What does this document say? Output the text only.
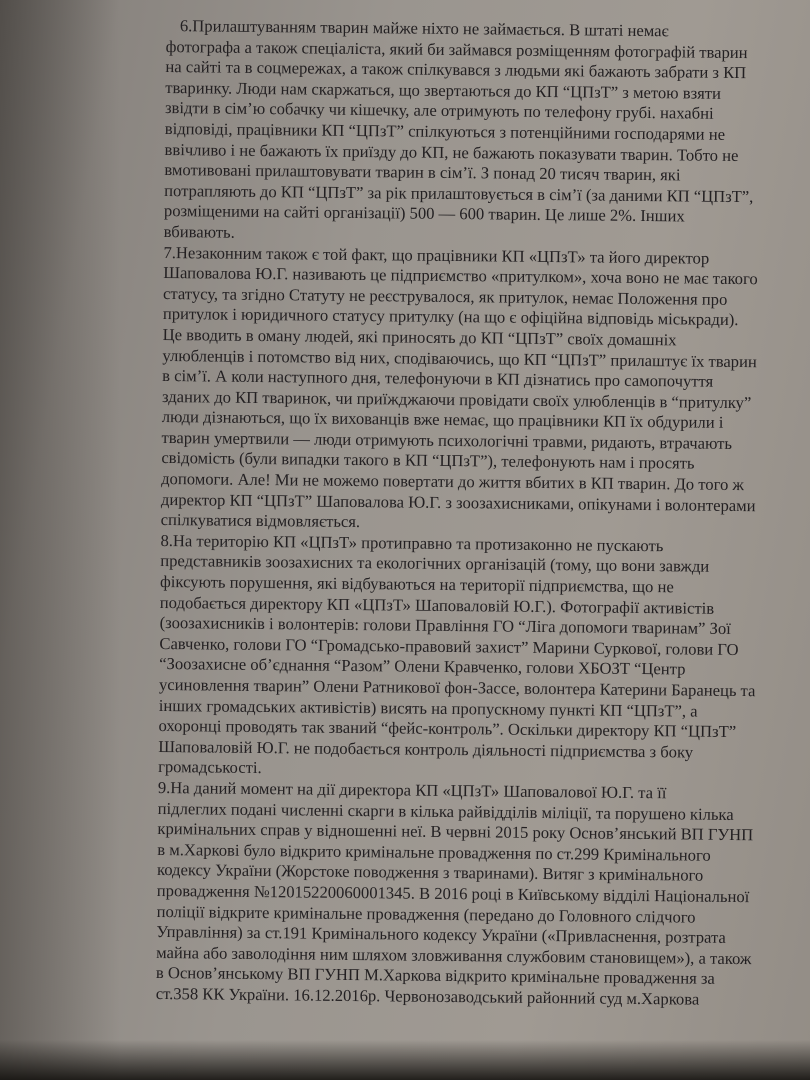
6.Прилаштуванням тварин майже ніхто не займається. В штаті немає
фотографа а також спеціаліста, який би займався розміщенням фотографій тварин
на сайті та в соцмережах, а також спілкувався з людьми які бажають забрати з КП
тваринку. Люди нам скаржаться, що звертаються до КП “ЦПзТ” з метою взяти
звідти в сім’ю собачку чи кішечку, але отримують по телефону грубі. нахабні
відповіді, працівники КП “ЦПзТ” спілкуються з потенційними господарями не
ввічливо і не бажають їх приїзду до КП, не бажають показувати тварин. Тобто не
вмотивовані прилаштовувати тварин в сім’ї. З понад 20 тисяч тварин, які
потрапляють до КП “ЦПзТ” за рік прилаштовується в сім’ї (за даними КП “ЦПзТ”,
розміщеними на сайті організації) 500 — 600 тварин. Це лише 2%. Інших
вбивають.

7.Незаконним також є той факт, що працівники КП «ЦПзТ» та його директор
Шаповалова Ю.Г. називають це підприємство «притулком», хоча воно не має такого
статусу, та згідно Статуту не реєструвалося, як притулок, немає Положення про
притулок і юридичного статусу притулку (на що є офіційна відповідь міськради).
Це вводить в оману людей, які приносять до КП “ЦПзТ” своїх домашніх
улюбленців і потомство від них, сподіваючись, що КП “ЦПзТ” прилаштує їх тварин
в сім’ї. А коли наступного дня, телефонуючи в КП дізнатись про самопочуття
зданих до КП тваринок, чи приїжджаючи провідати своїх улюбленців в “притулку”
люди дізнаються, що їх вихованців вже немає, що працівники КП їх обдурили і
тварин умертвили — люди отримують психологічні травми, ридають, втрачають
свідомість (були випадки такого в КП “ЦПзТ”), телефонують нам і просять
допомоги. Але! Ми не можемо повертати до життя вбитих в КП тварин. До того ж
директор КП “ЦПзТ” Шаповалова Ю.Г. з зоозахисниками, опікунами і волонтерами
спілкуватися відмовляється.

8.На територію КП «ЦПзТ» протиправно та протизаконно не пускають
представників зоозахисних та екологічних організацій (тому, що вони завжди
фіксують порушення, які відбуваються на території підприємства, що не
подобається директору КП «ЦПзТ» Шаповаловій Ю.Г.). Фотографії активістів
(зоозахисників і волонтерів: голови Правління ГО “Ліга допомоги тваринам” Зої
Савченко, голови ГО “Громадсько-правовий захист” Марини Суркової, голови ГО
“Зоозахисне об’єднання “Разом” Олени Кравченко, голови ХБОЗТ “Центр
усиновлення тварин” Олени Ратникової фон-Зассе, волонтера Катерини Баранець та
інших громадських активістів) висять на пропускному пункті КП “ЦПзТ”, а
охоронці проводять так званий “фейс-контроль”. Оскільки директору КП “ЦПзТ”
Шаповаловій Ю.Г. не подобається контроль діяльності підприємства з боку
громадськості.

9.На даний момент на дії директора КП «ЦПзТ» Шаповалової Ю.Г. та її
підлеглих подані численні скарги в кілька райвідділів міліції, та порушено кілька
кримінальних справ у відношенні неї. В червні 2015 року Основ’янський ВП ГУНП
в м.Харкові було відкрито кримінальне провадження по ст.299 Кримінального
кодексу України (Жорстоке поводження з тваринами). Витяг з кримінального
провадження №12015220060001345. В 2016 році в Київському відділі Національної
поліції відкрите кримінальне провадження (передано до Головного слідчого
Управління) за ст.191 Кримінального кодексу України («Привласнення, розтрата
майна або заволодіння ним шляхом зловживання службовим становищем»), а також
в Основ’янському ВП ГУНП М.Харкова відкрито кримінальне провадження за
ст.358 КК України. 16.12.2016р. Червонозаводський районний суд м.Харкова
